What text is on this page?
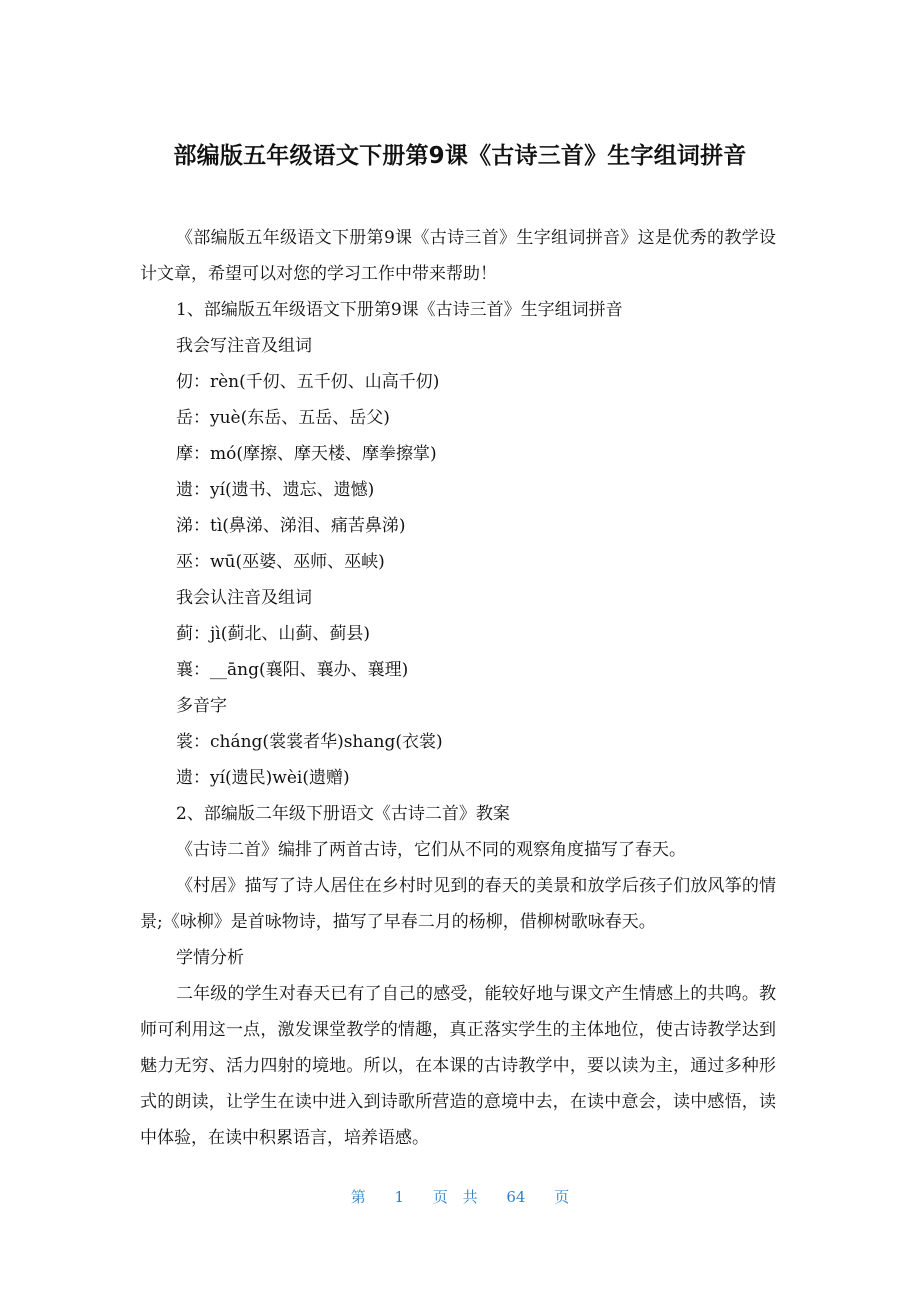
部编版五年级语文下册第9课《古诗三首》生字组词拼音

《部编版五年级语文下册第9课《古诗三首》生字组词拼音》这是优秀的教学设计文章，希望可以对您的学习工作中带来帮助！

1、部编版五年级语文下册第9课《古诗三首》生字组词拼音

我会写注音及组词

仞：rèn(千仞、五千仞、山高千仞)

岳：yuè(东岳、五岳、岳父)

摩：mó(摩擦、摩天楼、摩拳擦掌)

遗：yí(遗书、遗忘、遗憾)

涕：tì(鼻涕、涕泪、痛苦鼻涕)

巫：wū(巫婆、巫师、巫峡)

我会认注音及组词

蓟：jì(蓟北、山蓟、蓟县)

襄：__āng(襄阳、襄办、襄理)

多音字

裳：cháng(裳裳者华)shang(衣裳)

遗：yí(遗民)wèi(遗赠)

2、部编版二年级下册语文《古诗二首》教案

《古诗二首》编排了两首古诗，它们从不同的观察角度描写了春天。

《村居》描写了诗人居住在乡村时见到的春天的美景和放学后孩子们放风筝的情景;《咏柳》是首咏物诗，描写了早春二月的杨柳，借柳树歌咏春天。

学情分析

二年级的学生对春天已有了自己的感受，能较好地与课文产生情感上的共鸣。教师可利用这一点，激发课堂教学的情趣，真正落实学生的主体地位，使古诗教学达到魅力无穷、活力四射的境地。所以，在本课的古诗教学中，要以读为主，通过多种形式的朗读，让学生在读中进入到诗歌所营造的意境中去，在读中意会，读中感悟，读中体验，在读中积累语言，培养语感。

第 1 页 共 64 页
